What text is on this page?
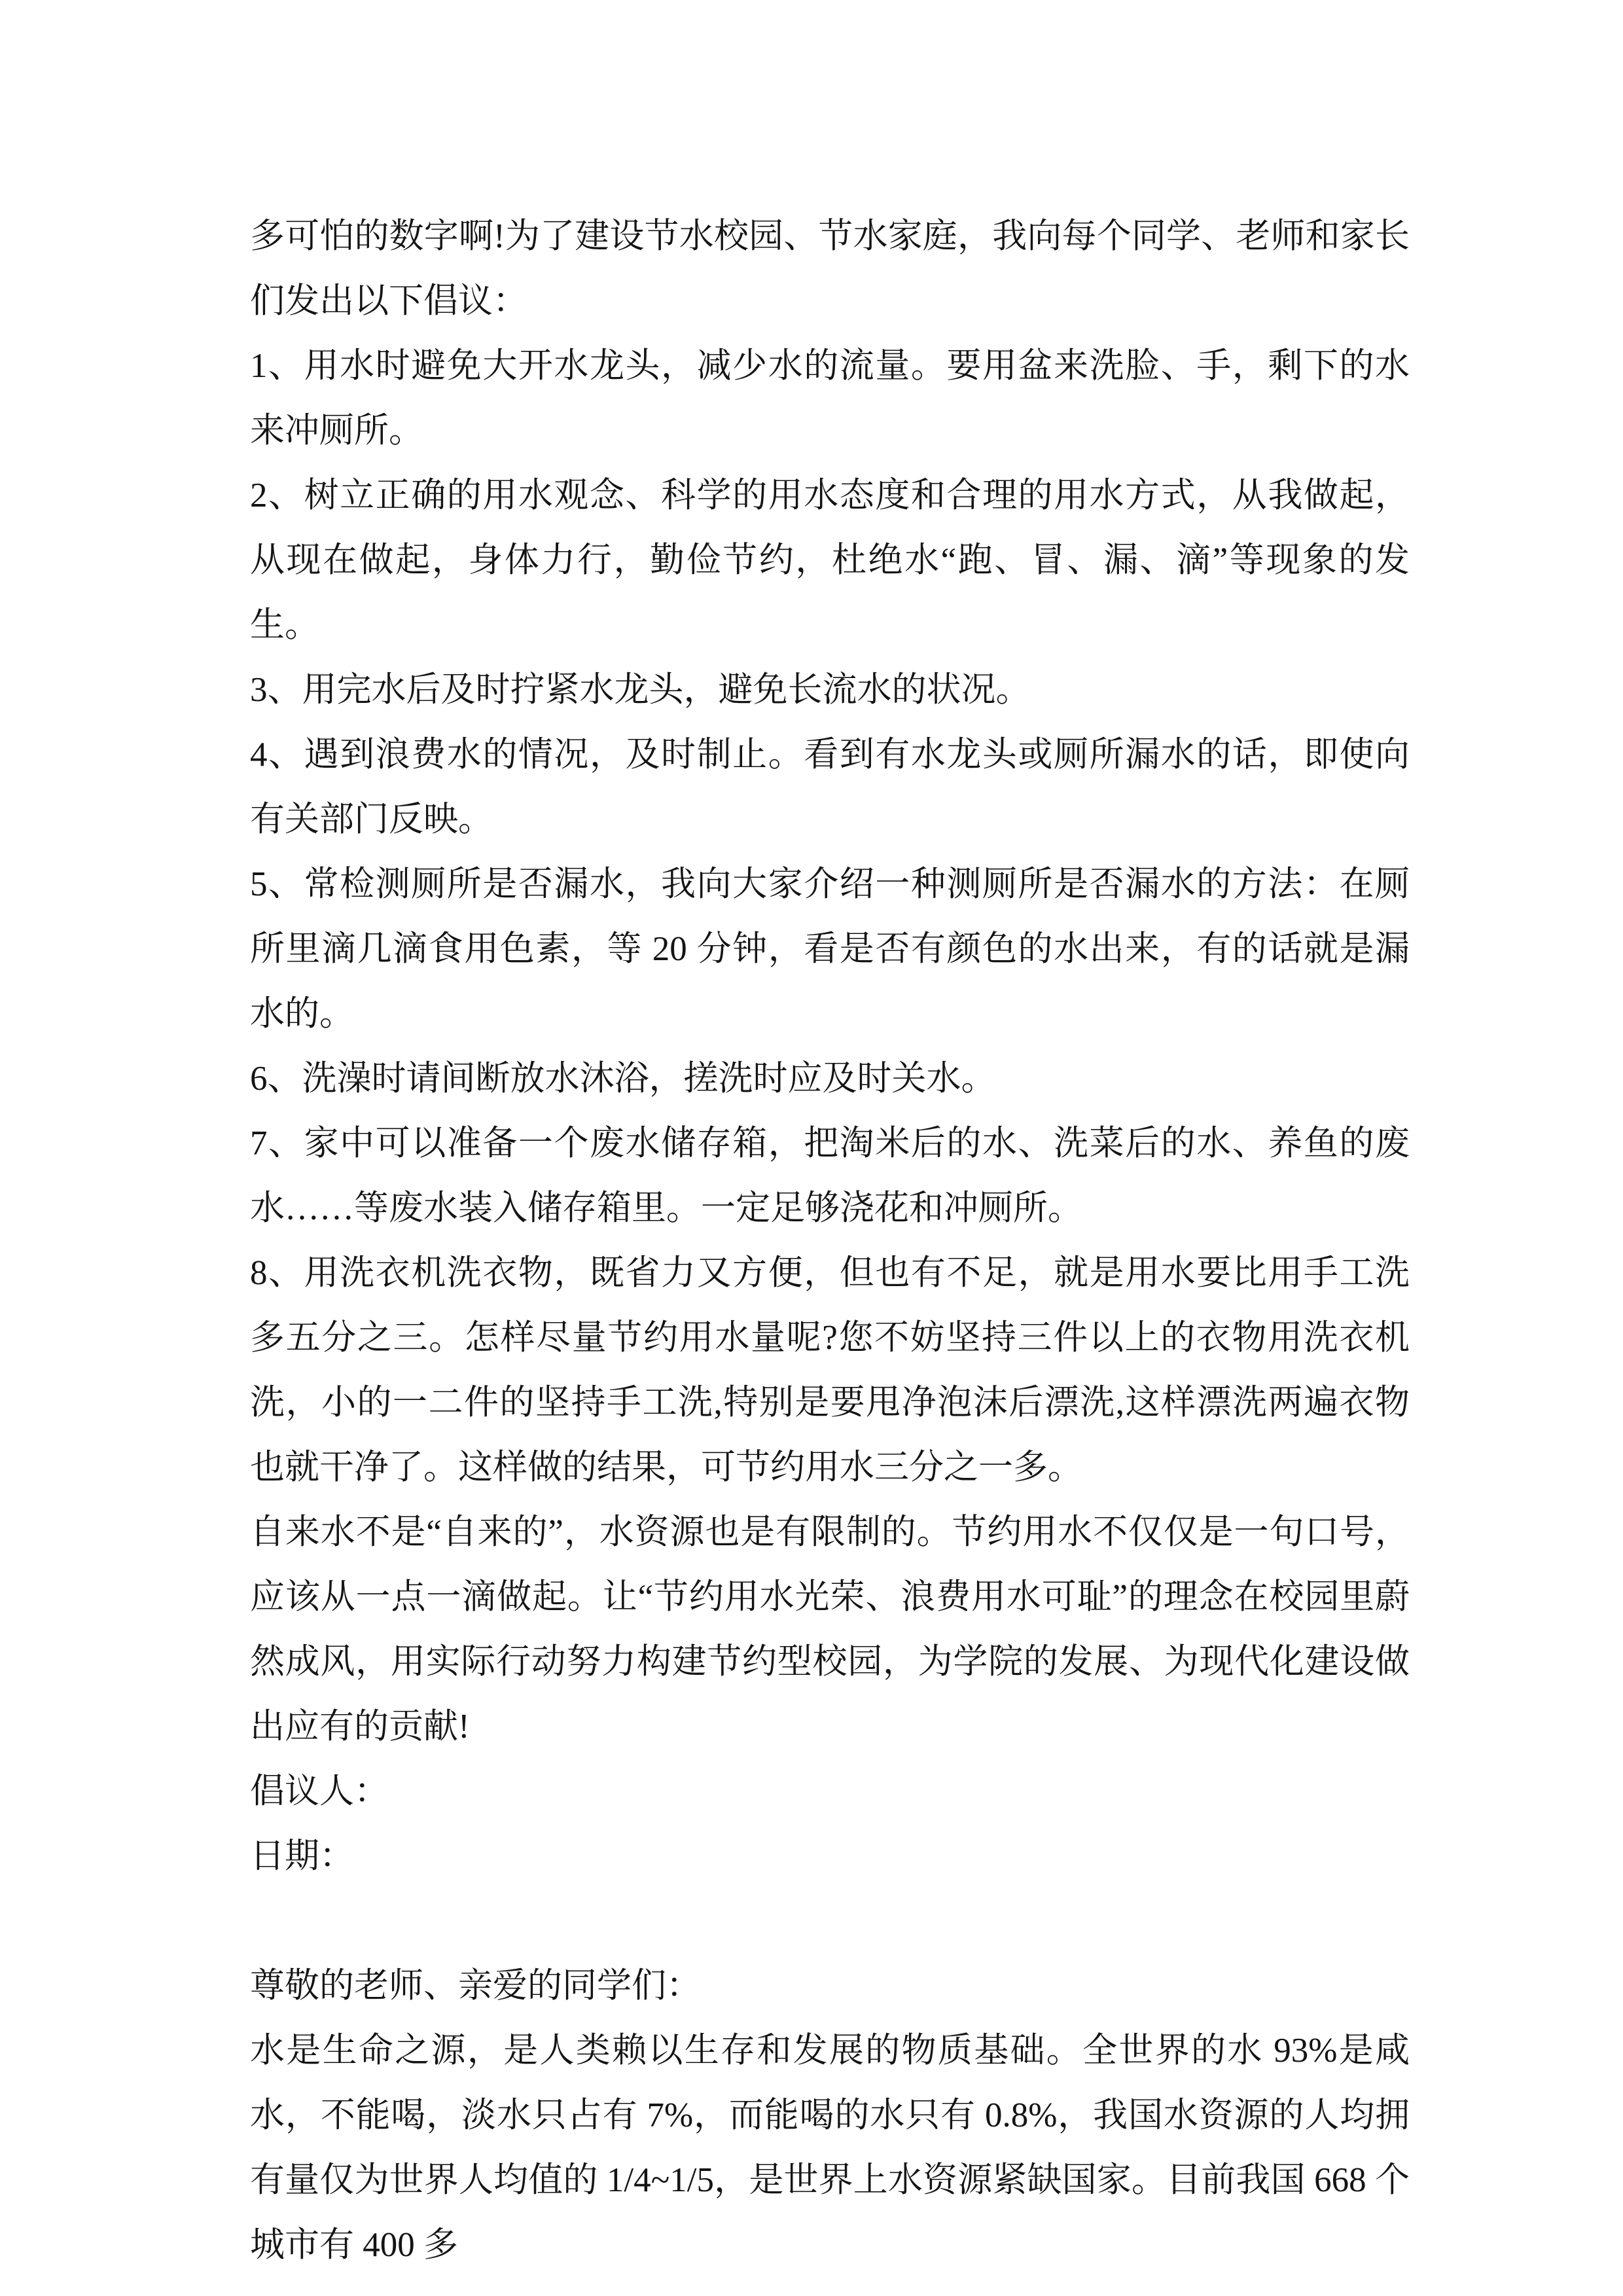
多可怕的数字啊!为了建设节水校园、节水家庭，我向每个同学、老师和家长们发出以下倡议：

1、用水时避免大开水龙头，减少水的流量。要用盆来洗脸、手，剩下的水来冲厕所。

2、树立正确的用水观念、科学的用水态度和合理的用水方式，从我做起，从现在做起，身体力行，勤俭节约，杜绝水“跑、冒、漏、滴”等现象的发生。

3、用完水后及时拧紧水龙头，避免长流水的状况。

4、遇到浪费水的情况，及时制止。看到有水龙头或厕所漏水的话，即使向有关部门反映。

5、常检测厕所是否漏水，我向大家介绍一种测厕所是否漏水的方法：在厕所里滴几滴食用色素，等 20 分钟，看是否有颜色的水出来，有的话就是漏水的。

6、洗澡时请间断放水沐浴，搓洗时应及时关水。

7、家中可以准备一个废水储存箱，把淘米后的水、洗菜后的水、养鱼的废水……等废水装入储存箱里。一定足够浇花和冲厕所。

8、用洗衣机洗衣物，既省力又方便，但也有不足，就是用水要比用手工洗多五分之三。怎样尽量节约用水量呢?您不妨坚持三件以上的衣物用洗衣机洗，小的一二件的坚持手工洗,特别是要甩净泡沫后漂洗,这样漂洗两遍衣物也就干净了。这样做的结果，可节约用水三分之一多。

自来水不是“自来的”，水资源也是有限制的。节约用水不仅仅是一句口号，应该从一点一滴做起。让“节约用水光荣、浪费用水可耻”的理念在校园里蔚然成风，用实际行动努力构建节约型校园，为学院的发展、为现代化建设做出应有的贡献!

倡议人：

日期：

尊敬的老师、亲爱的同学们：

水是生命之源，是人类赖以生存和发展的物质基础。全世界的水 93%是咸水，不能喝，淡水只占有 7%，而能喝的水只有 0.8%，我国水资源的人均拥有量仅为世界人均值的 1/4~1/5，是世界上水资源紧缺国家。目前我国 668 个城市有 400 多
